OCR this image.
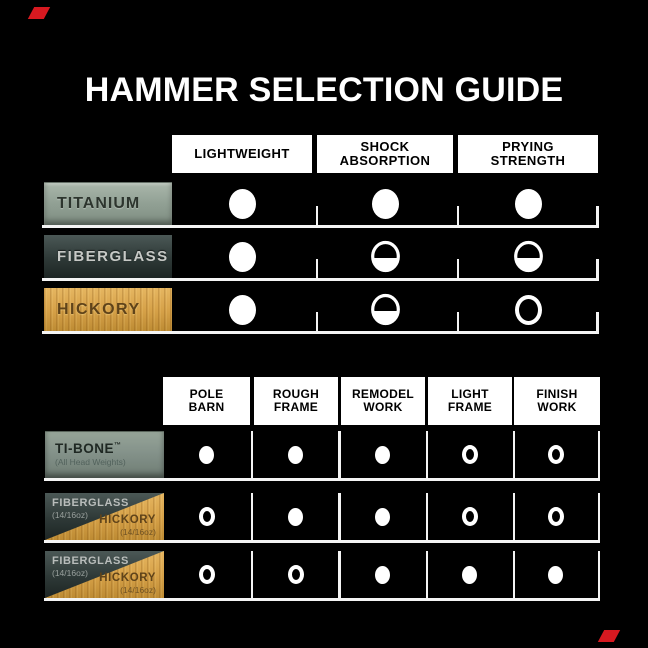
HAMMER SELECTION GUIDE
LIGHTWEIGHT	SHOCK
ABSORPTION
PRYING
STRENGTH
TITANIUM
FIBERGLASS
HICKORY
POLE
BARN
ROUGH
FRAME
REMODEL
WORK
LIGHT
FRAME
FINISH
WORK
TI-BONE™
(All Head Weights)
FIBERGLASS
(14/16oz) HICKORY
(14/16oz)
FIBERGLASS
(14/16oz) HICKORY
(14/16oz)
